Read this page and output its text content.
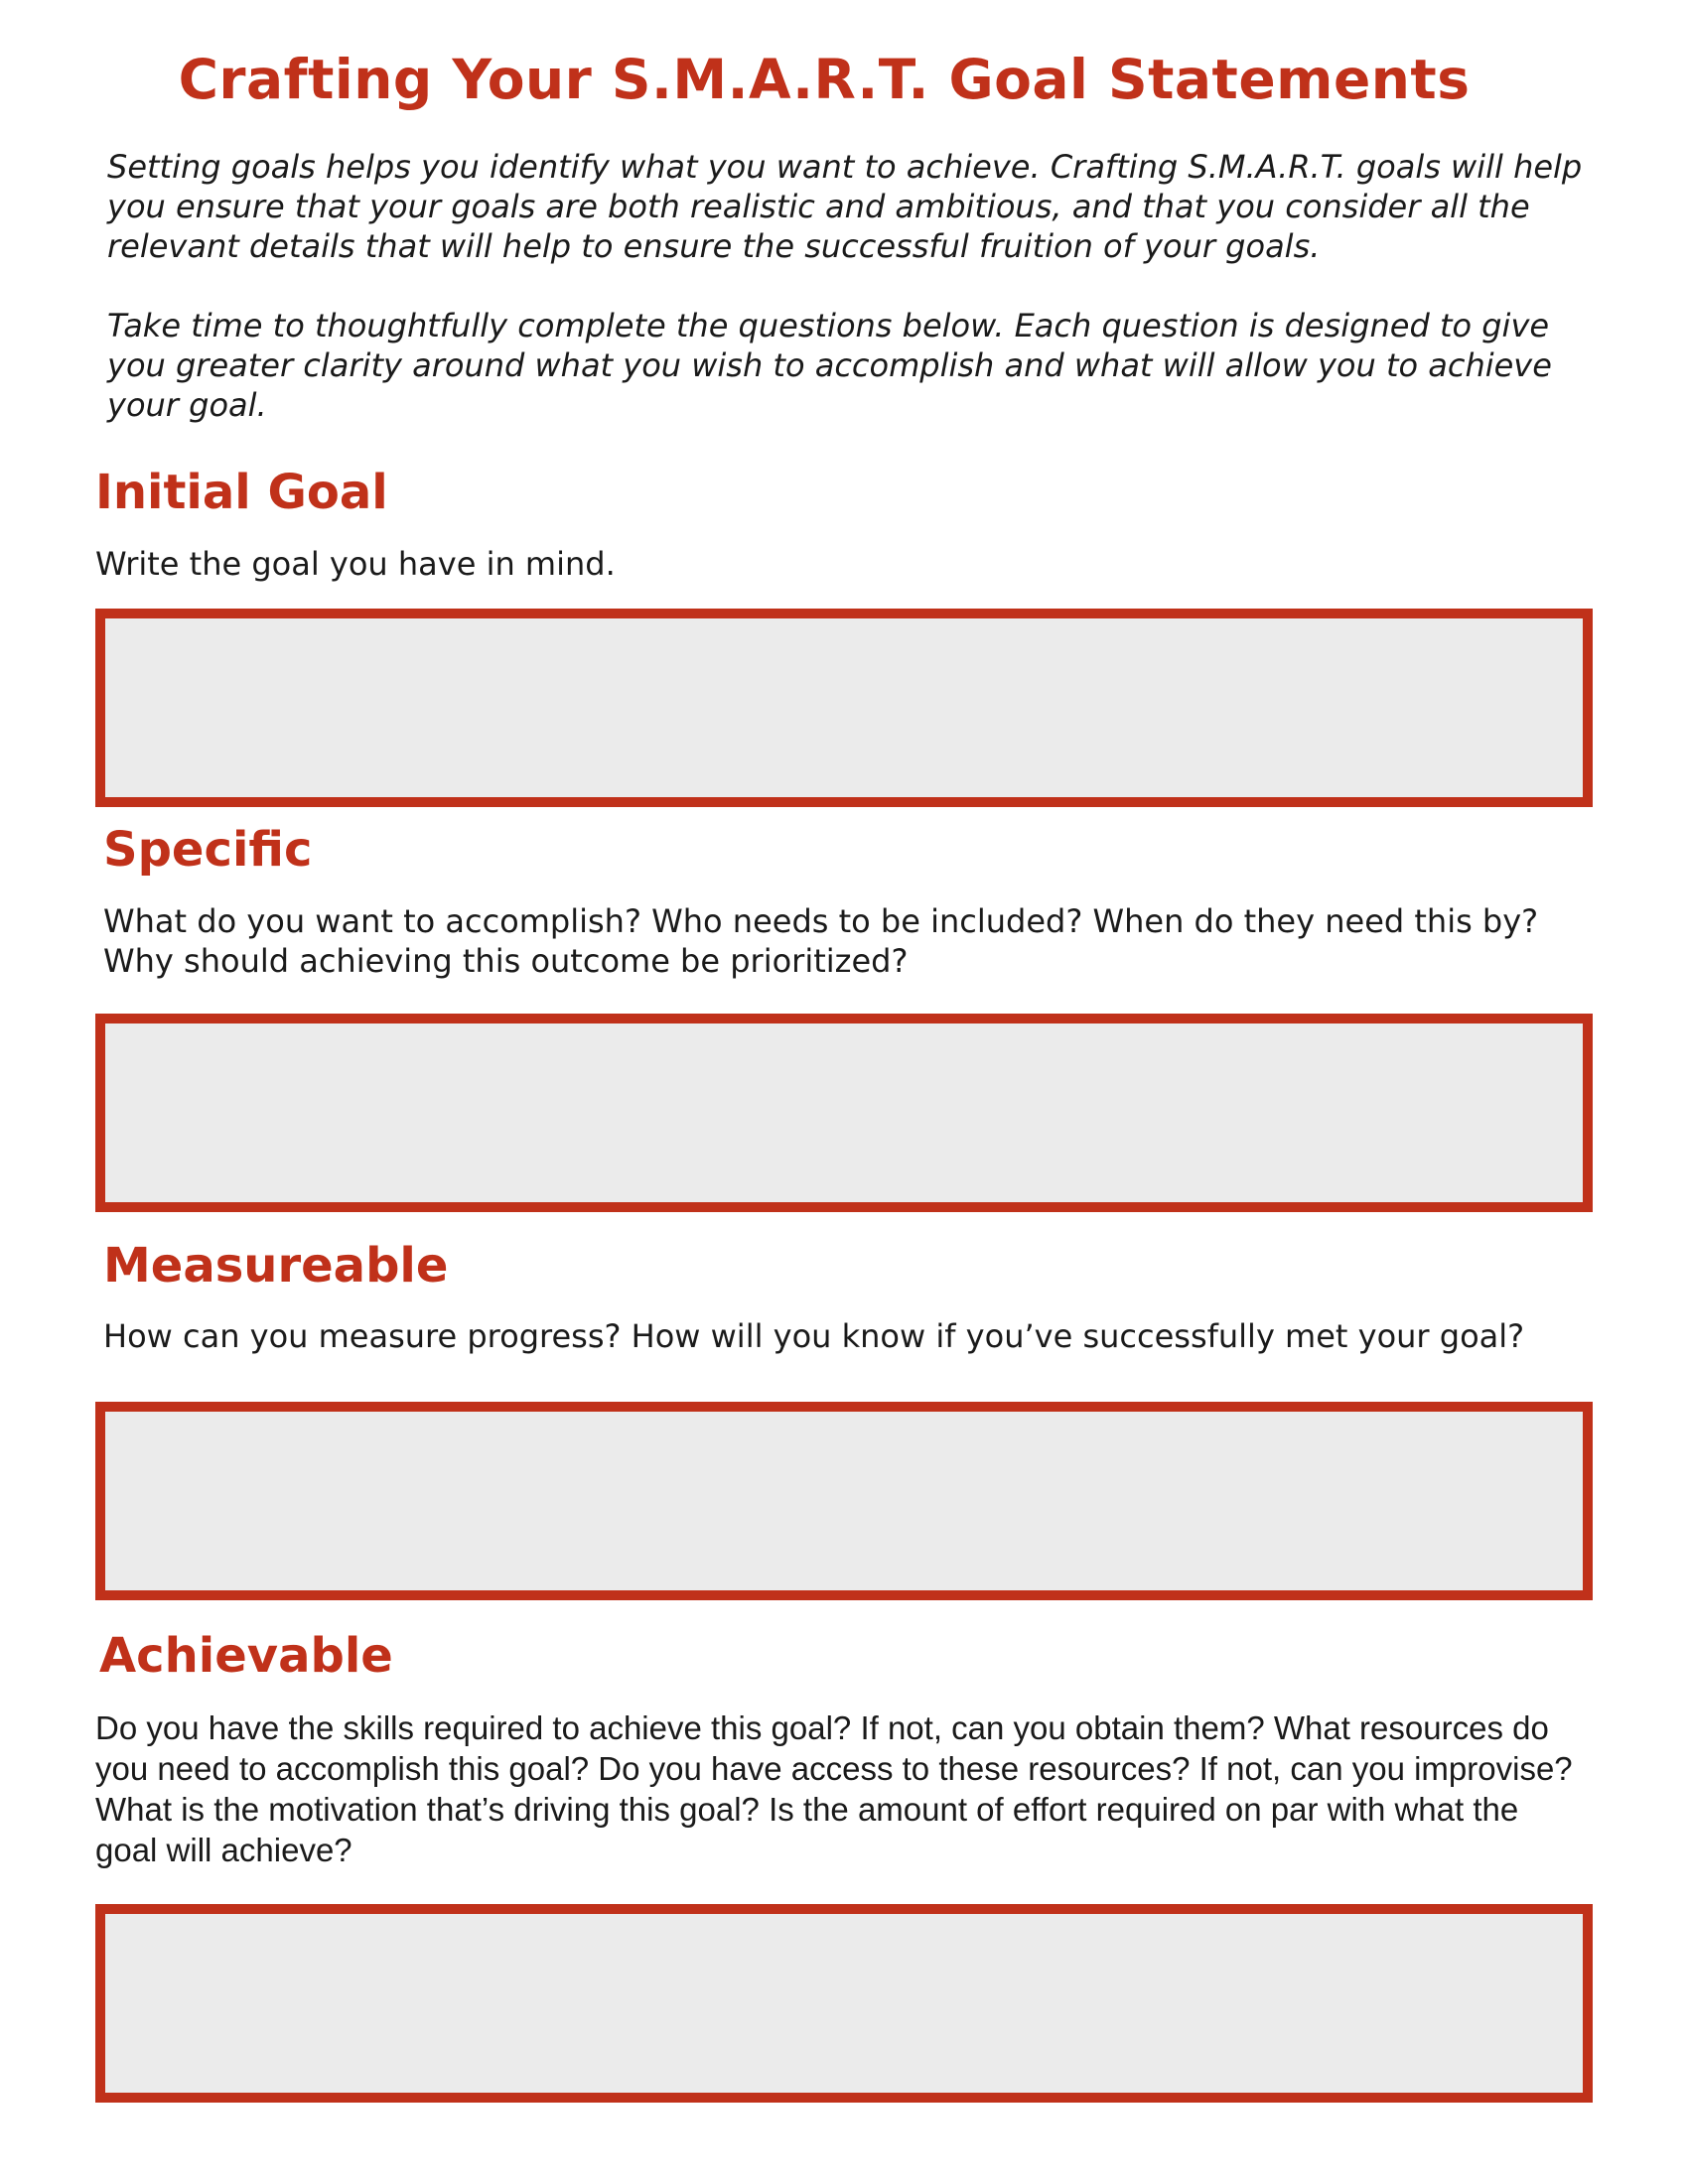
Crafting Your S.M.A.R.T. Goal Statements

Setting goals helps you identify what you want to achieve. Crafting S.M.A.R.T. goals will help you ensure that your goals are both realistic and ambitious, and that you consider all the relevant details that will help to ensure the successful fruition of your goals.

Take time to thoughtfully complete the questions below. Each question is designed to give you greater clarity around what you wish to accomplish and what will allow you to achieve your goal.

Initial Goal

Write the goal you have in mind.

Specific

What do you want to accomplish? Who needs to be included? When do they need this by? Why should achieving this outcome be prioritized?

Measureable

How can you measure progress? How will you know if you’ve successfully met your goal?

Achievable

Do you have the skills required to achieve this goal? If not, can you obtain them? What resources do you need to accomplish this goal? Do you have access to these resources? If not, can you improvise? What is the motivation that’s driving this goal? Is the amount of effort required on par with what the goal will achieve?
